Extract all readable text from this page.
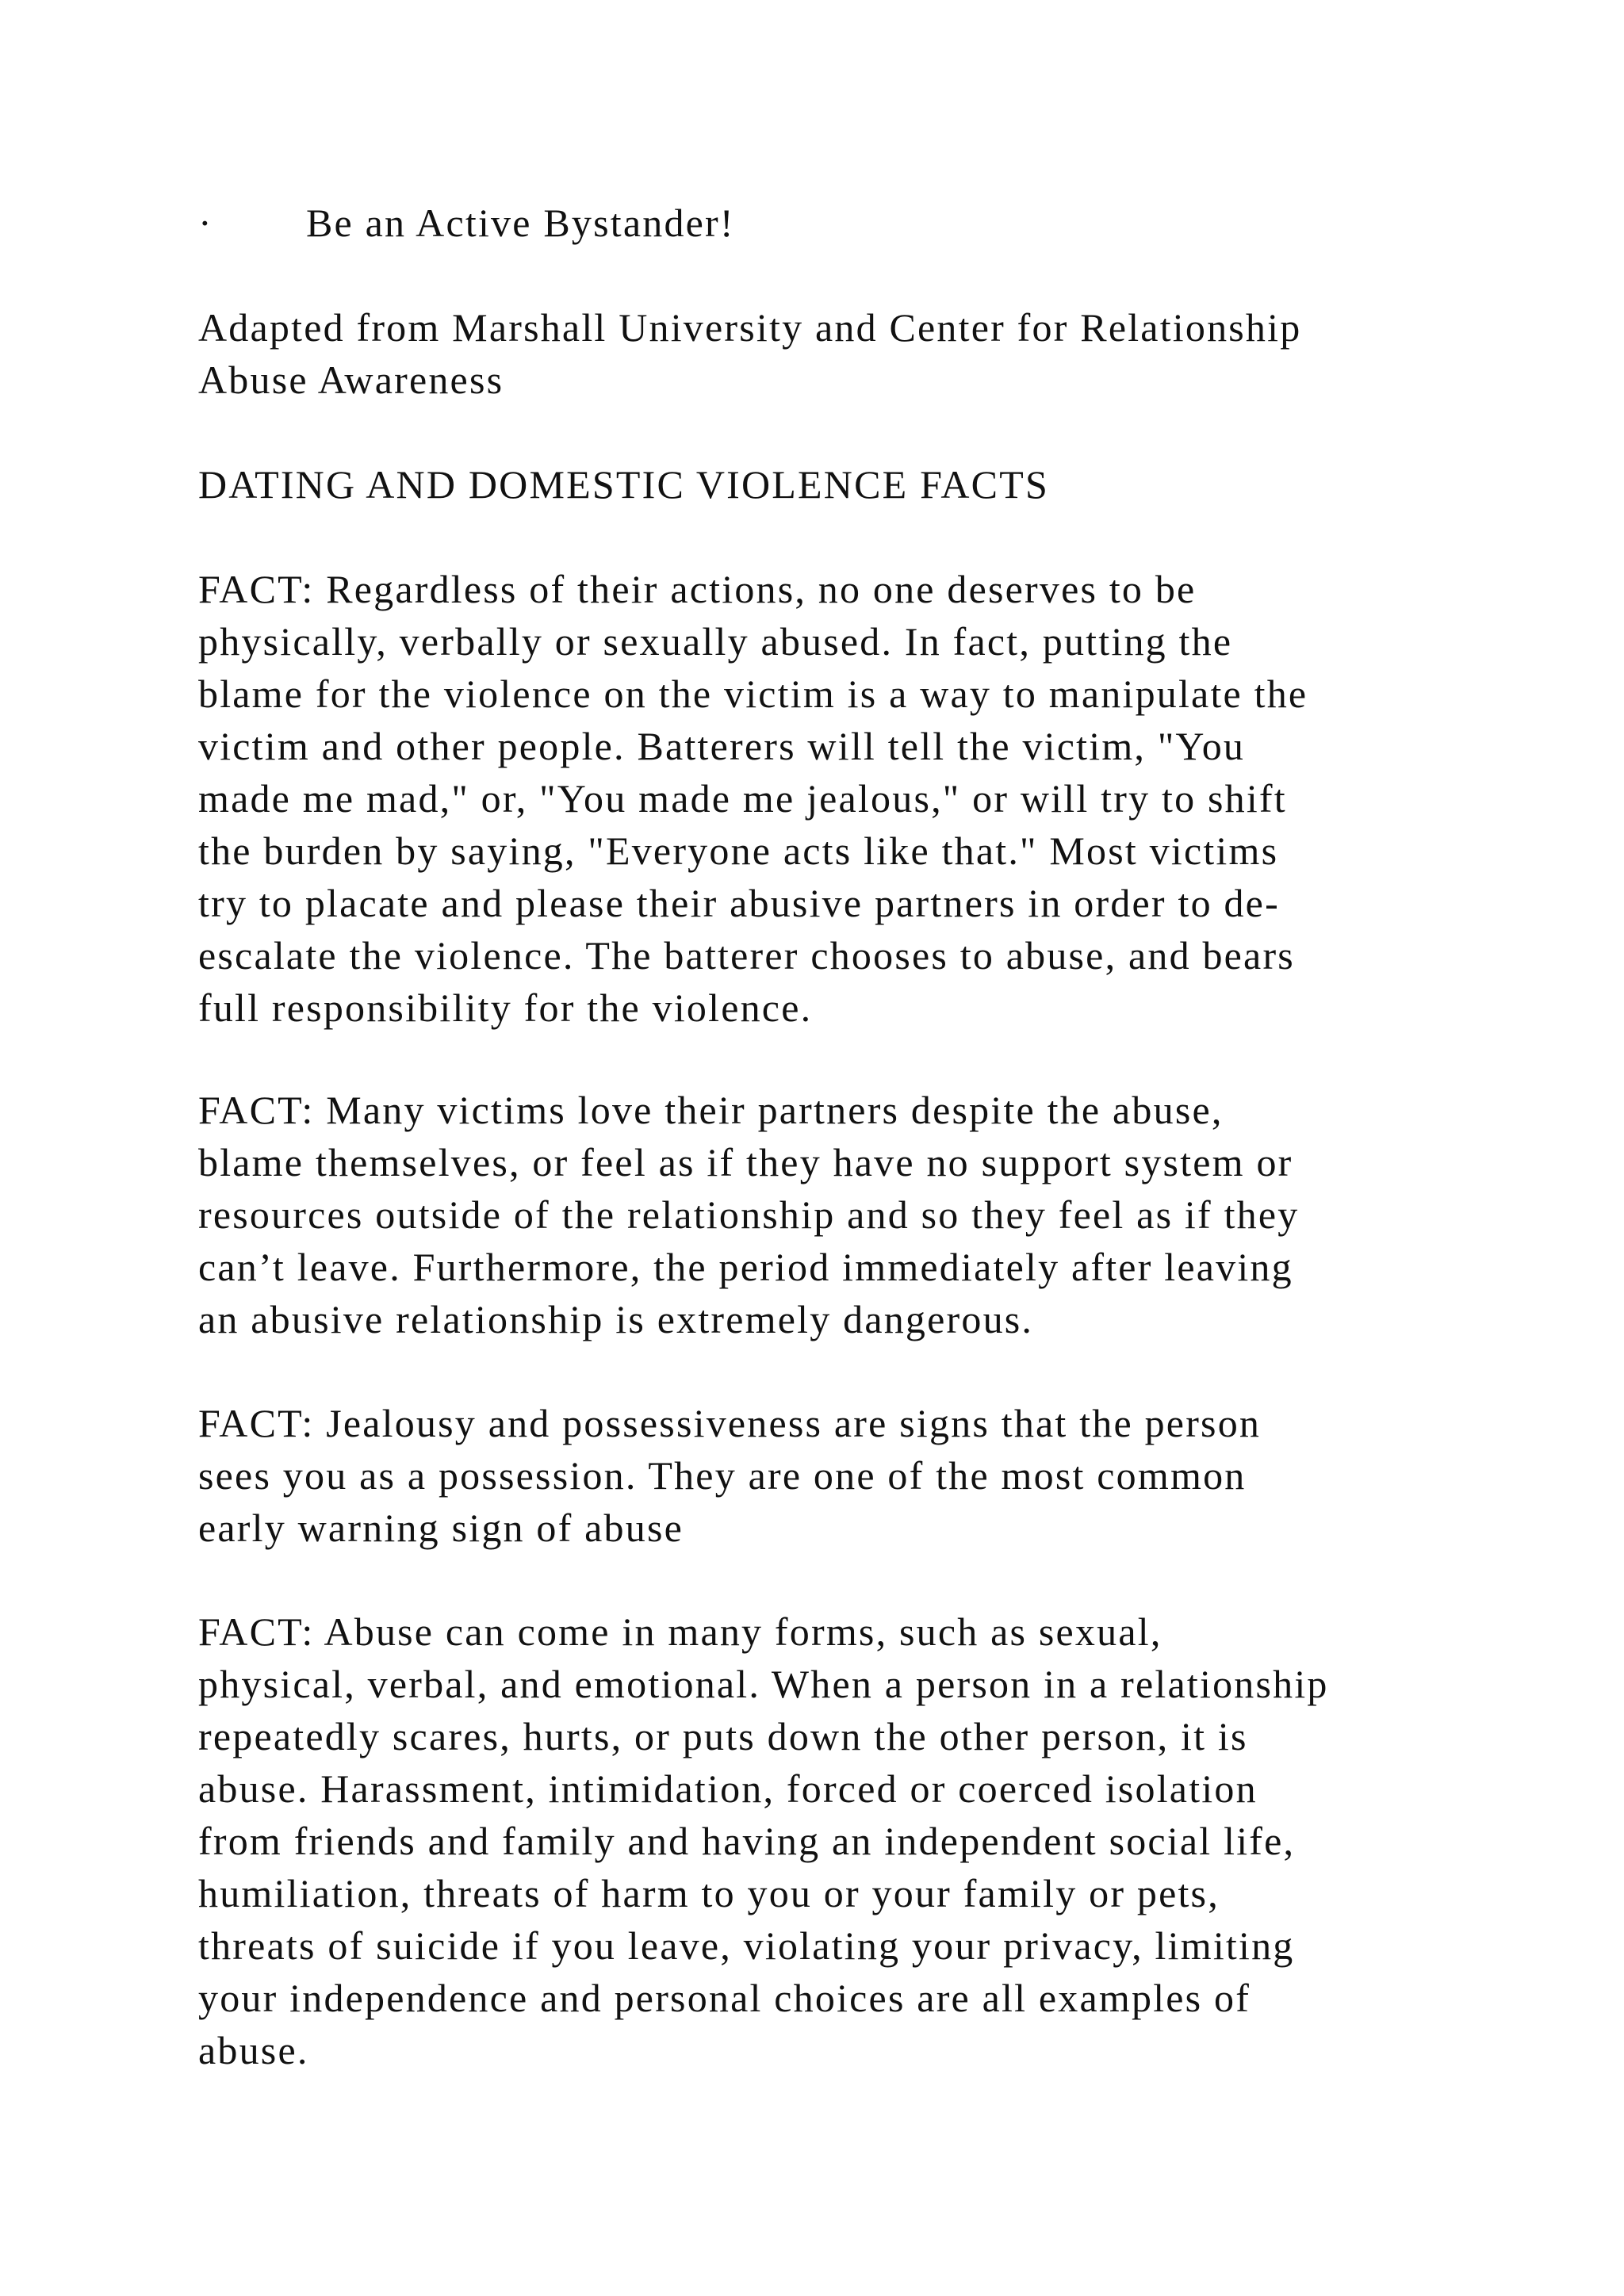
· Be an Active Bystander!
Adapted from Marshall University and Center for Relationship
Abuse Awareness
DATING AND DOMESTIC VIOLENCE FACTS
FACT: Regardless of their actions, no one deserves to be
physically, verbally or sexually abused. In fact, putting the
blame for the violence on the victim is a way to manipulate the
victim and other people. Batterers will tell the victim, "You
made me mad," or, "You made me jealous," or will try to shift
the burden by saying, "Everyone acts like that." Most victims
try to placate and please their abusive partners in order to de-
escalate the violence. The batterer chooses to abuse, and bears
full responsibility for the violence.
FACT: Many victims love their partners despite the abuse,
blame themselves, or feel as if they have no support system or
resources outside of the relationship and so they feel as if they
can’t leave. Furthermore, the period immediately after leaving
an abusive relationship is extremely dangerous.
FACT: Jealousy and possessiveness are signs that the person
sees you as a possession. They are one of the most common
early warning sign of abuse
FACT: Abuse can come in many forms, such as sexual,
physical, verbal, and emotional. When a person in a relationship
repeatedly scares, hurts, or puts down the other person, it is
abuse. Harassment, intimidation, forced or coerced isolation
from friends and family and having an independent social life,
humiliation, threats of harm to you or your family or pets,
threats of suicide if you leave, violating your privacy, limiting
your independence and personal choices are all examples of
abuse.
